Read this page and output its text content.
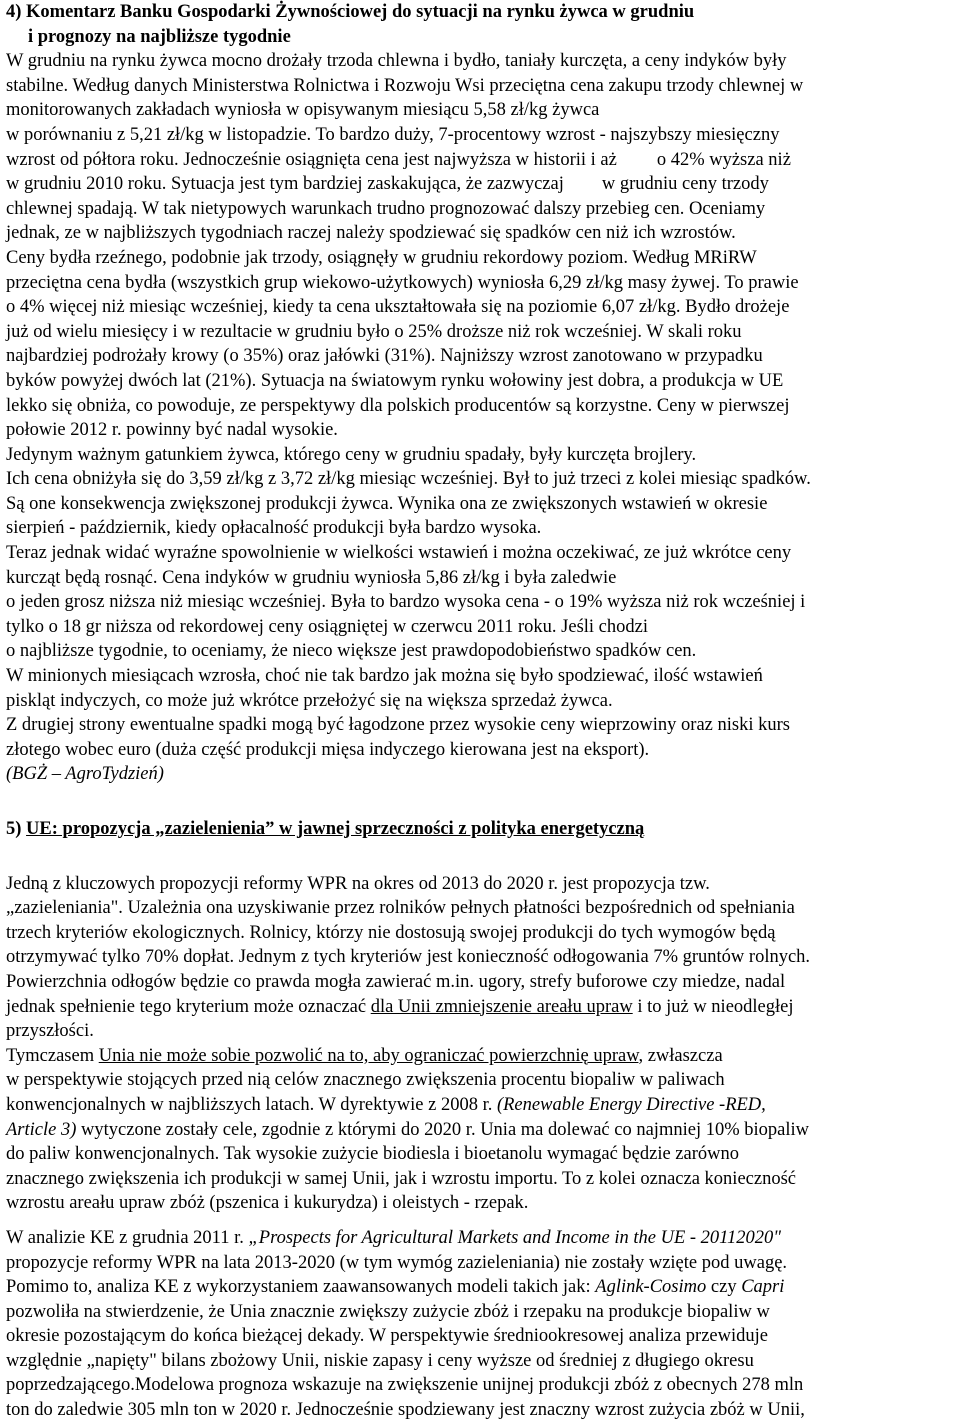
4) Komentarz Banku Gospodarki Żywnościowej do sytuacji na rynku żywca w grudniu
i prognozy na najbliższe tygodnie
W grudniu na rynku żywca mocno drożały trzoda chlewna i bydło, taniały kurczęta, a ceny indyków były
stabilne. Według danych Ministerstwa Rolnictwa i Rozwoju Wsi przeciętna cena zakupu trzody chlewnej w
monitorowanych zakładach wyniosła w opisywanym miesiącu 5,58 zł/kg żywca
w porównaniu z 5,21 zł/kg w listopadzie. To bardzo duży, 7-procentowy wzrost - najszybszy miesięczny
wzrost od półtora roku. Jednocześnie osiągnięta cena jest najwyższa w historii i aż o 42% wyższa niż
w grudniu 2010 roku. Sytuacja jest tym bardziej zaskakująca, że zazwyczaj w grudniu ceny trzody
chlewnej spadają. W tak nietypowych warunkach trudno prognozować dalszy przebieg cen. Oceniamy
jednak, ze w najbliższych tygodniach raczej należy spodziewać się spadków cen niż ich wzrostów.
Ceny bydła rzeźnego, podobnie jak trzody, osiągnęły w grudniu rekordowy poziom. Według MRiRW
przeciętna cena bydła (wszystkich grup wiekowo-użytkowych) wyniosła 6,29 zł/kg masy żywej. To prawie
o 4% więcej niż miesiąc wcześniej, kiedy ta cena ukształtowała się na poziomie 6,07 zł/kg. Bydło drożeje
już od wielu miesięcy i w rezultacie w grudniu było o 25% droższe niż rok wcześniej. W skali roku
najbardziej podrożały krowy (o 35%) oraz jałówki (31%). Najniższy wzrost zanotowano w przypadku
byków powyżej dwóch lat (21%). Sytuacja na światowym rynku wołowiny jest dobra, a produkcja w UE
lekko się obniża, co powoduje, ze perspektywy dla polskich producentów są korzystne. Ceny w pierwszej
połowie 2012 r. powinny być nadal wysokie.
Jedynym ważnym gatunkiem żywca, którego ceny w grudniu spadały, były kurczęta brojlery.
Ich cena obniżyła się do 3,59 zł/kg z 3,72 zł/kg miesiąc wcześniej. Był to już trzeci z kolei miesiąc spadków.
Są one konsekwencja zwiększonej produkcji żywca. Wynika ona ze zwiększonych wstawień w okresie
sierpień - październik, kiedy opłacalność produkcji była bardzo wysoka.
Teraz jednak widać wyraźne spowolnienie w wielkości wstawień i można oczekiwać, ze już wkrótce ceny
kurcząt będą rosnąć. Cena indyków w grudniu wyniosła 5,86 zł/kg i była zaledwie
o jeden grosz niższa niż miesiąc wcześniej. Była to bardzo wysoka cena - o 19% wyższa niż rok wcześniej i
tylko o 18 gr niższa od rekordowej ceny osiągniętej w czerwcu 2011 roku. Jeśli chodzi
o najbliższe tygodnie, to oceniamy, że nieco większe jest prawdopodobieństwo spadków cen.
W minionych miesiącach wzrosła, choć nie tak bardzo jak można się było spodziewać, ilość wstawień
piskląt indyczych, co może już wkrótce przełożyć się na większa sprzedaż żywca.
Z drugiej strony ewentualne spadki mogą być łagodzone przez wysokie ceny wieprzowiny oraz niski kurs
złotego wobec euro (duża część produkcji mięsa indyczego kierowana jest na eksport).
(BGŻ – AgroTydzień)
5) UE: propozycja „zazielenienia” w jawnej sprzeczności z polityka energetyczną
Jedną z kluczowych propozycji reformy WPR na okres od 2013 do 2020 r. jest propozycja tzw.
„zazieleniania". Uzależnia ona uzyskiwanie przez rolników pełnych płatności bezpośrednich od spełniania
trzech kryteriów ekologicznych. Rolnicy, którzy nie dostosują swojej produkcji do tych wymogów będą
otrzymywać tylko 70% dopłat. Jednym z tych kryteriów jest konieczność odłogowania 7% gruntów rolnych.
Powierzchnia odłogów będzie co prawda mogła zawierać m.in. ugory, strefy buforowe czy miedze, nadal
jednak spełnienie tego kryterium może oznaczać dla Unii zmniejszenie areału upraw i to już w nieodległej
przyszłości.
Tymczasem Unia nie może sobie pozwolić na to, aby ograniczać powierzchnię upraw, zwłaszcza
w perspektywie stojących przed nią celów znacznego zwiększenia procentu biopaliw w paliwach
konwencjonalnych w najbliższych latach. W dyrektywie z 2008 r. (Renewable Energy Directive -RED,
Article 3) wytyczone zostały cele, zgodnie z którymi do 2020 r. Unia ma dolewać co najmniej 10% biopaliw
do paliw konwencjonalnych. Tak wysokie zużycie biodiesla i bioetanolu wymagać będzie zarówno
znacznego zwiększenia ich produkcji w samej Unii, jak i wzrostu importu. To z kolei oznacza konieczność
wzrostu areału upraw zbóż (pszenica i kukurydza) i oleistych - rzepak.
W analizie KE z grudnia 2011 r. „Prospects for Agricultural Markets and Income in the UE - 20112020"
propozycje reformy WPR na lata 2013-2020 (w tym wymóg zazieleniania) nie zostały wzięte pod uwagę.
Pomimo to, analiza KE z wykorzystaniem zaawansowanych modeli takich jak: Aglink-Cosimo czy Capri
pozwoliła na stwierdzenie, że Unia znacznie zwiększy zużycie zbóż i rzepaku na produkcje biopaliw w
okresie pozostającym do końca bieżącej dekady. W perspektywie średniookresowej analiza przewiduje
względnie „napięty" bilans zbożowy Unii, niskie zapasy i ceny wyższe od średniej z długiego okresu
poprzedzającego.Modelowa prognoza wskazuje na zwiększenie unijnej produkcji zbóż z obecnych 278 mln
ton do zaledwie 305 mln ton w 2020 r. Jednocześnie spodziewany jest znaczny wzrost zużycia zbóż w Unii,
